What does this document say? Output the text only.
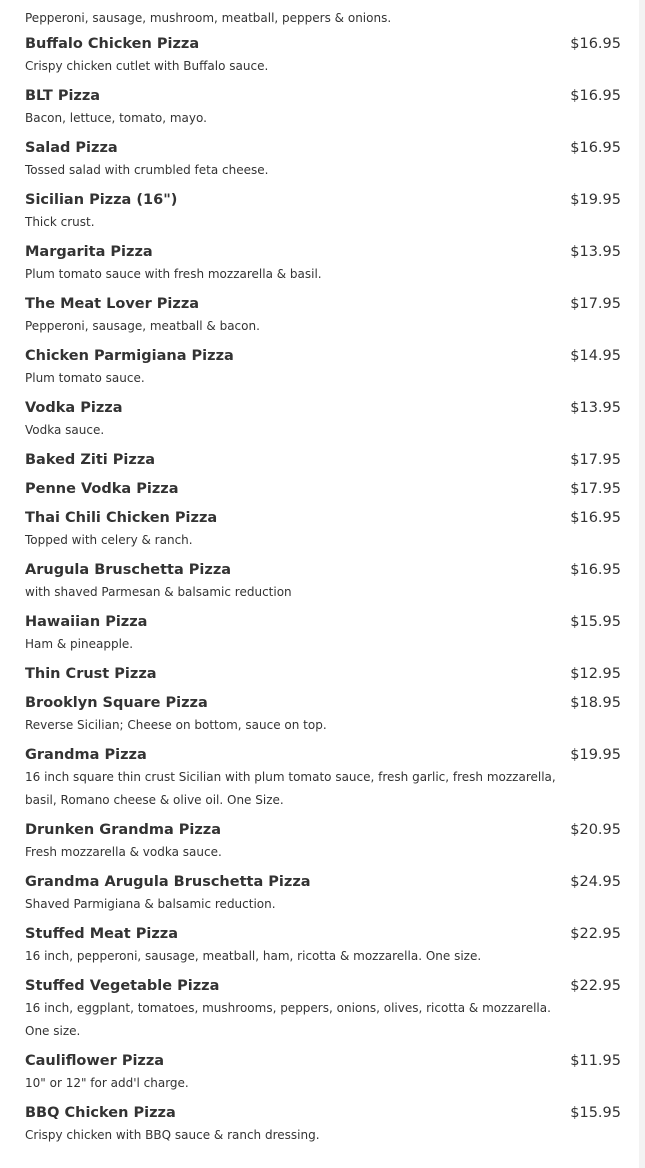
Pepperoni, sausage, mushroom, meatball, peppers & onions.
Buffalo Chicken Pizza	$16.95
Crispy chicken cutlet with Buffalo sauce.
BLT Pizza	$16.95
Bacon, lettuce, tomato, mayo.
Salad Pizza	$16.95
Tossed salad with crumbled feta cheese.
Sicilian Pizza (16")	$19.95
Thick crust.
Margarita Pizza	$13.95
Plum tomato sauce with fresh mozzarella & basil.
The Meat Lover Pizza	$17.95
Pepperoni, sausage, meatball & bacon.
Chicken Parmigiana Pizza	$14.95
Plum tomato sauce.
Vodka Pizza	$13.95
Vodka sauce.
Baked Ziti Pizza	$17.95
Penne Vodka Pizza	$17.95
Thai Chili Chicken Pizza	$16.95
Topped with celery & ranch.
Arugula Bruschetta Pizza	$16.95
with shaved Parmesan & balsamic reduction
Hawaiian Pizza	$15.95
Ham & pineapple.
Thin Crust Pizza	$12.95
Brooklyn Square Pizza	$18.95
Reverse Sicilian; Cheese on bottom, sauce on top.
Grandma Pizza	$19.95
16 inch square thin crust Sicilian with plum tomato sauce, fresh garlic, fresh mozzarella, basil, Romano cheese & olive oil. One Size.
Drunken Grandma Pizza	$20.95
Fresh mozzarella & vodka sauce.
Grandma Arugula Bruschetta Pizza	$24.95
Shaved Parmigiana & balsamic reduction.
Stuffed Meat Pizza	$22.95
16 inch, pepperoni, sausage, meatball, ham, ricotta & mozzarella. One size.
Stuffed Vegetable Pizza	$22.95
16 inch, eggplant, tomatoes, mushrooms, peppers, onions, olives, ricotta & mozzarella. One size.
Cauliflower Pizza	$11.95
10" or 12" for add'l charge.
BBQ Chicken Pizza	$15.95
Crispy chicken with BBQ sauce & ranch dressing.
